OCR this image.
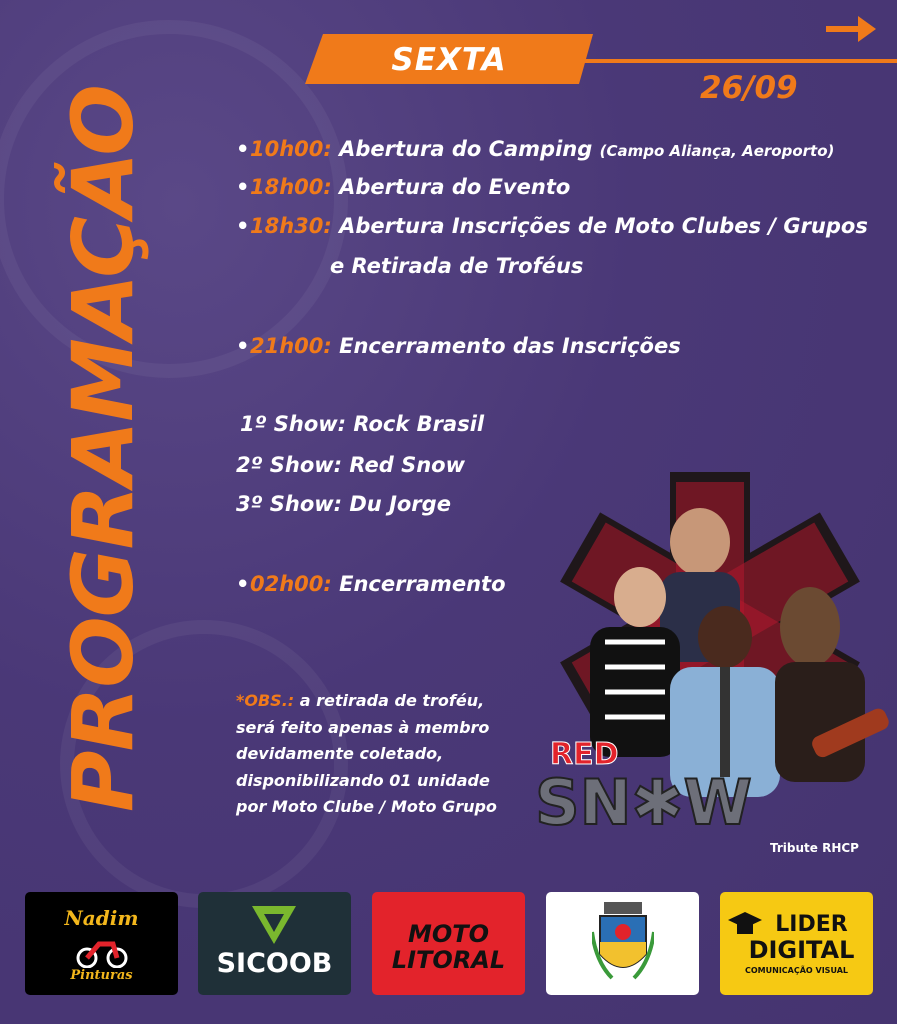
SEXTA
26/09
PROGRAMAÇÃO	•10h00: Abertura do Camping (Campo Aliança, Aeroporto)
•18h00: Abertura do Evento
•18h30: Abertura Inscrições de Moto Clubes / Grupos
e Retirada de Troféus
•21h00: Encerramento das Inscrições
1º Show: Rock Brasil
2º Show: Red Snow
3º Show: Du Jorge
•02h00: Encerramento
*OBS.: a retirada de troféu,
será feito apenas à membro
devidamente coletado,
disponibilizando 01 unidade
por Moto Clube / Moto Grupo
RED
SN✱W
Tribute RHCP
Nadim
Pinturas	SICOOB
MOTO
LITORAL
LIDER
DIGITAL
COMUNICAÇÃO VISUAL
